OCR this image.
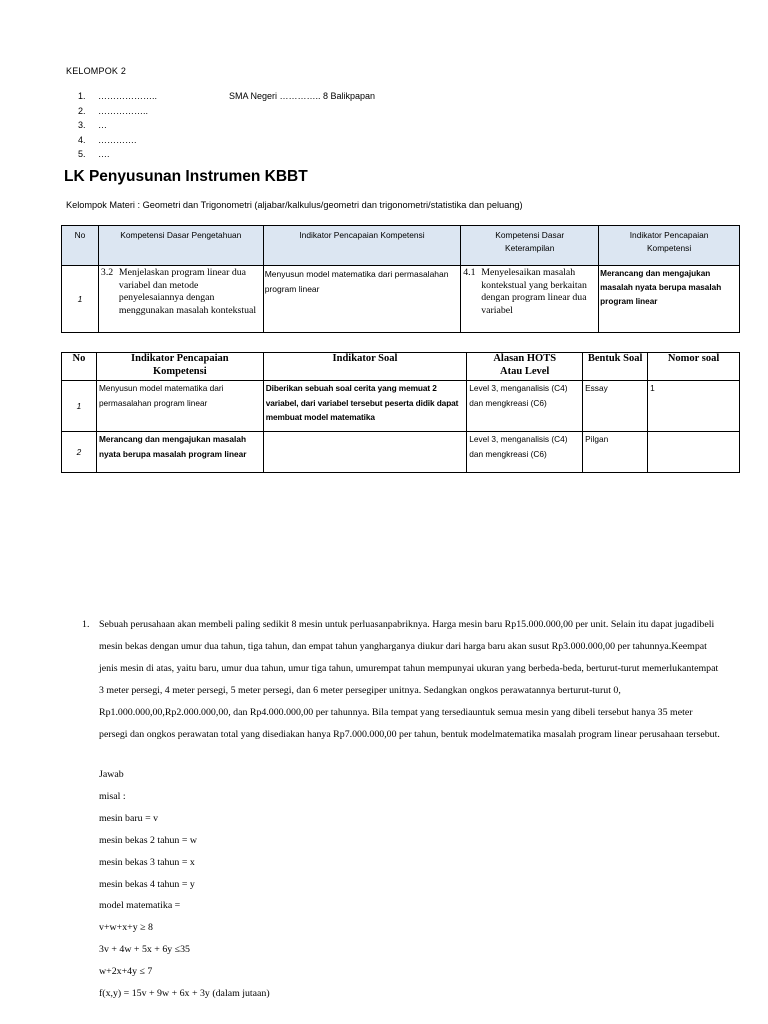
KELOMPOK 2
1. ………………..
2. ……………..
3. …
4. ………….
5. ….
SMA Negeri ………….. 8 Balikpapan
LK Penyusunan Instrumen KBBT
Kelompok Materi : Geometri dan Trigonometri (aljabar/kalkulus/geometri dan trigonometri/statistika dan peluang)
No	Kompetensi Dasar Pengetahuan	Indikator Pencapaian Kompetensi	Kompetensi Dasar Keterampilan	Indikator Pencapaian Kompetensi
1	3.2 Menjelaskan program linear dua variabel dan metode penyelesaiannya dengan menggunakan masalah kontekstual	Menyusun model matematika dari permasalahan program linear	4.1 Menyelesaikan masalah kontekstual yang berkaitan dengan program linear dua variabel	Merancang dan mengajukan masalah nyata berupa masalah program linear
No	Indikator Pencapaian Kompetensi	Indikator Soal	Alasan HOTS Atau Level	Bentuk Soal	Nomor soal
1	Menyusun model matematika dari permasalahan program linear	Diberikan sebuah soal cerita yang memuat 2 variabel, dari variabel tersebut peserta didik dapat membuat model matematika	Level 3, menganalisis (C4) dan mengkreasi (C6)	Essay	1
2	Merancang dan mengajukan masalah nyata berupa masalah program linear		Level 3, menganalisis (C4) dan mengkreasi (C6)	Pilgan	
1. Sebuah perusahaan akan membeli paling sedikit 8 mesin untuk perluasanpabriknya. Harga mesin baru Rp15.000.000,00 per unit. Selain itu dapat jugadibeli mesin bekas dengan umur dua tahun, tiga tahun, dan empat tahun yangharganya diukur dari harga baru akan susut Rp3.000.000,00 per tahunnya.Keempat jenis mesin di atas, yaitu baru, umur dua tahun, umur tiga tahun, umurempat tahun mempunyai ukuran yang berbeda-beda, berturut-turut memerlukantempat 3 meter persegi, 4 meter persegi, 5 meter persegi, dan 6 meter persegiper unitnya. Sedangkan ongkos perawatannya berturut-turut 0, Rp1.000.000,00,Rp2.000.000,00, dan Rp4.000.000,00 per tahunnya. Bila tempat yang tersediauntuk semua mesin yang dibeli tersebut hanya 35 meter persegi dan ongkos perawatan total yang disediakan hanya Rp7.000.000,00 per tahun, bentuk modelmatematika masalah program linear perusahaan tersebut.
Jawab
misal :
mesin baru = v
mesin bekas 2 tahun = w
mesin bekas 3 tahun = x
mesin bekas 4 tahun = y
model matematika =
v+w+x+y ≥ 8
3v + 4w + 5x + 6y ≤35
w+2x+4y ≤ 7
f(x,y) = 15v + 9w + 6x + 3y (dalam jutaan)
